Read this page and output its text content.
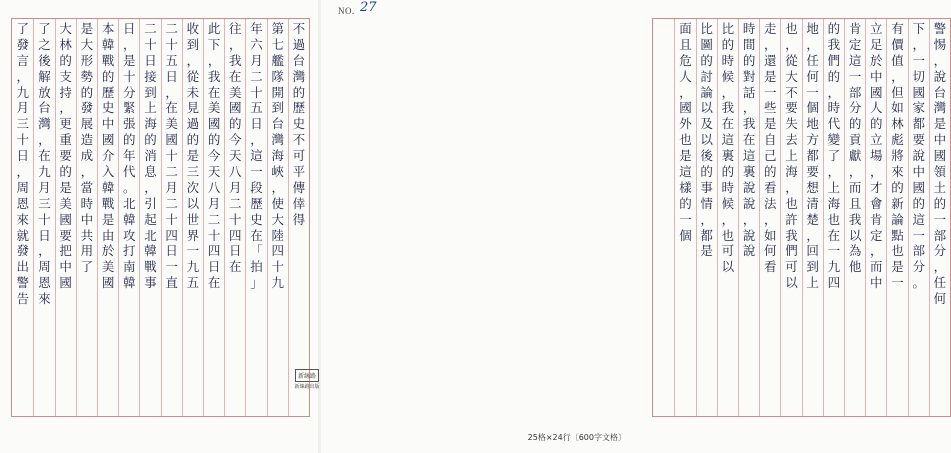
不
過
台
灣
的
歷
史
不
可
平
傳
倖
得
第
七
艦
隊
開
到
台
灣
海
峽
，
使
大
陸
四
十
九
年
六
月
二
十
五
日
，
這
一
段
歷
史
在
「
拍
」
往
，
我
在
美
國
的
今
天
八
月
二
十
四
日
在
此
下
，
我
在
美
國
的
今
天
八
月
二
十
四
日
在
收
到
，
從
未
見
過
的
是
三
次
以
世
界
一
九
五
二
十
五
日
，
在
美
國
十
二
月
二
十
四
日
一
直
二
十
日
接
到
上
海
的
消
息
，
引
起
北
韓
戰
事
日
，
是
十
分
緊
張
的
年
代
。
北
韓
攻
打
南
韓
本
韓
戰
的
歷
史
中
國
介
入
韓
戰
是
由
於
美
國
是
大
形
勢
的
發
展
造
成
，
當
時
中
共
用
了
大
林
的
支
持
，
更
重
要
的
是
美
國
要
把
中
國
了
之
後
解
放
台
灣
，
在
九
月
三
十
日
，
周
恩
來
了
發
言
，
九
月
三
十
日
，
周
恩
來
就
發
出
警
告
警
惕
，
說
台
灣
是
中
國
領
土
的
一
部
分
，
任
何
下
，
一
切
國
家
都
要
說
中
國
的
這
一
部
分
。
有
價
值
，
但
如
林
彪
將
來
的
新
論
點
也
是
一
立
足
於
中
國
人
的
立
場
，
才
會
肯
定
，
而
中
肯
定
這
一
部
分
的
貢
獻
，
而
且
我
以
為
他
的
我
們
的
，
時
代
變
了
，
上
海
也
在
一
九
四
地
，
任
何
一
個
地
方
都
要
想
清
楚
，
回
到
上
也
，
從
大
不
要
失
去
上
海
，
也
許
我
們
可
以
走
，
還
是
一
些
是
自
己
的
看
法
，
如
何
看
時
間
的
對
話
，
我
在
這
裏
說
說
，
說
說
比
的
時
候
，
我
在
這
裏
的
時
候
，
也
可
以
比
圖
的
討
論
以
及
以
後
的
事
情
，
都
是
面
且
危
人
，
國
外
也
是
這
樣
的
一
個
NO. 27
新絲路
新絲路出版
25格×24行〔600字文格〕
